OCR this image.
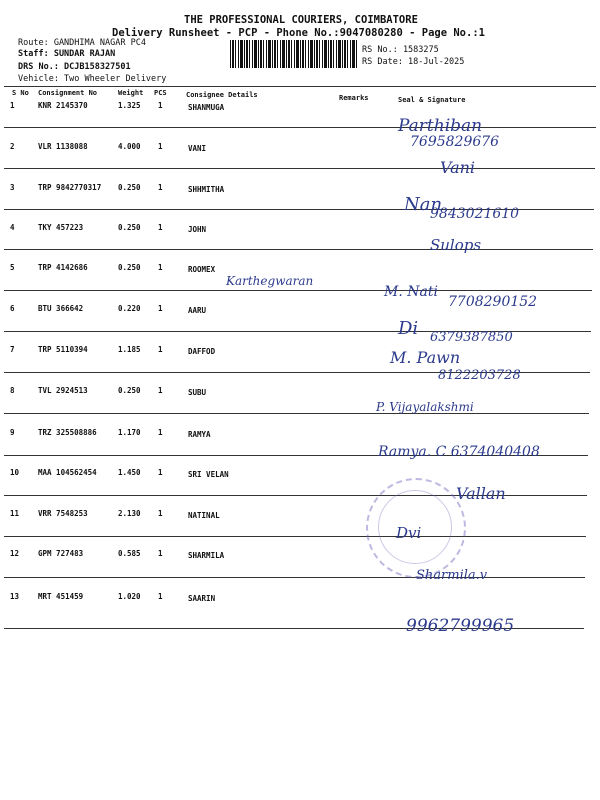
THE PROFESSIONAL COURIERS, COIMBATORE
Delivery Runsheet - PCP - Phone No.:9047080280 - Page No.:1
Route: GANDHIMA NAGAR PC4
Staff: SUNDAR RAJAN	RS No.: 1583275
DRS No.: DCJB158327501	RS Date: 18-Jul-2025
Vehicle: Two Wheeler Delivery
S No Consignment No	Weight PCS	Consignee Details	Remarks	Seal & Signature
1	KNR 2145370	1.325 1	SHANMUGA
2	VLR 1138088	4.000 1	VANI
3	TRP 9842770317 0.250 1	SHHMITHA
4	TKY 457223	0.250 1	JOHN
5	TRP 4142686	0.250 1	ROOMEX
6	BTU 366642	0.220 1	AARU
7	TRP 5110394	1.185 1	DAFFOD
8	TVL 2924513	0.250 1	SUBU
9	TRZ 325508886	1.170 1	RAMYA
10	MAA 104562454	1.450 1	SRI VELAN
11	VRR 7548253	2.130 1	NATINAL
12	GPM 727483	0.585 1	SHARMILA
13	MRT 451459	1.020 1	SAARIN
Parthiban
7695829676
Vani
Nan
9843021610
Sulops
Karthegwaran
M. Nati
7708290152
Di 6379387850
M. Pawn
8122203728
P. Vijayalakshmi
Ramya. C 6374040408
Vallan
Dvi
Sharmila.v
9962799965
